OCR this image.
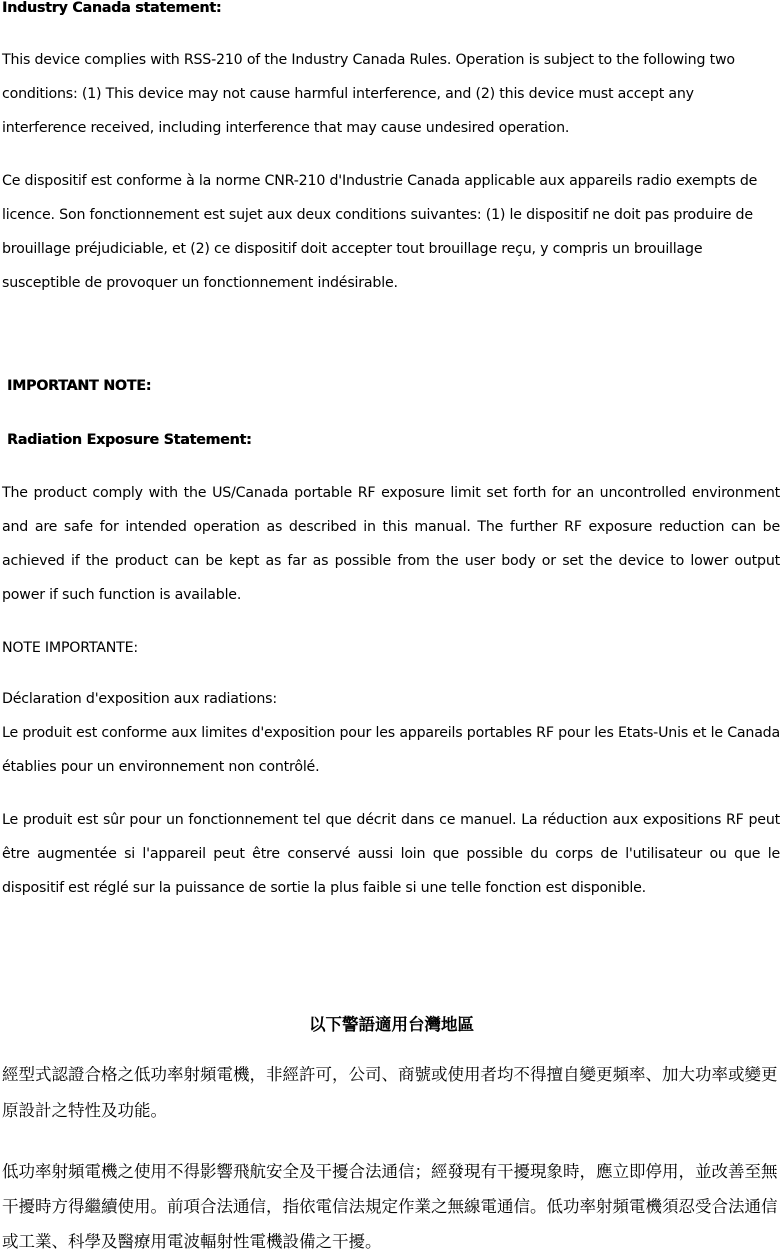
Industry Canada statement:

This device complies with RSS-210 of the Industry Canada Rules. Operation is subject to the following two conditions: (1) This device may not cause harmful interference, and (2) this device must accept any interference received, including interference that may cause undesired operation.

Ce dispositif est conforme à la norme CNR-210 d'Industrie Canada applicable aux appareils radio exempts de licence. Son fonctionnement est sujet aux deux conditions suivantes: (1) le dispositif ne doit pas produire de brouillage préjudiciable, et (2) ce dispositif doit accepter tout brouillage reçu, y compris un brouillage susceptible de provoquer un fonctionnement indésirable.

IMPORTANT NOTE:

Radiation Exposure Statement:

The product comply with the US/Canada portable RF exposure limit set forth for an uncontrolled environment and are safe for intended operation as described in this manual. The further RF exposure reduction can be achieved if the product can be kept as far as possible from the user body or set the device to lower output power if such function is available.

NOTE IMPORTANTE:

Déclaration d'exposition aux radiations:

Le produit est conforme aux limites d'exposition pour les appareils portables RF pour les Etats-Unis et le Canada établies pour un environnement non contrôlé.

Le produit est sûr pour un fonctionnement tel que décrit dans ce manuel. La réduction aux expositions RF peut être augmentée si l'appareil peut être conservé aussi loin que possible du corps de l'utilisateur ou que le dispositif est réglé sur la puissance de sortie la plus faible si une telle fonction est disponible.

以下警語適用台灣地區

經型式認證合格之低功率射頻電機，非經許可，公司、商號或使用者均不得擅自變更頻率、加大功率或變更原設計之特性及功能。

低功率射頻電機之使用不得影響飛航安全及干擾合法通信；經發現有干擾現象時，應立即停用，並改善至無干擾時方得繼續使用。前項合法通信，指依電信法規定作業之無線電通信。低功率射頻電機須忍受合法通信或工業、科學及醫療用電波輻射性電機設備之干擾。
